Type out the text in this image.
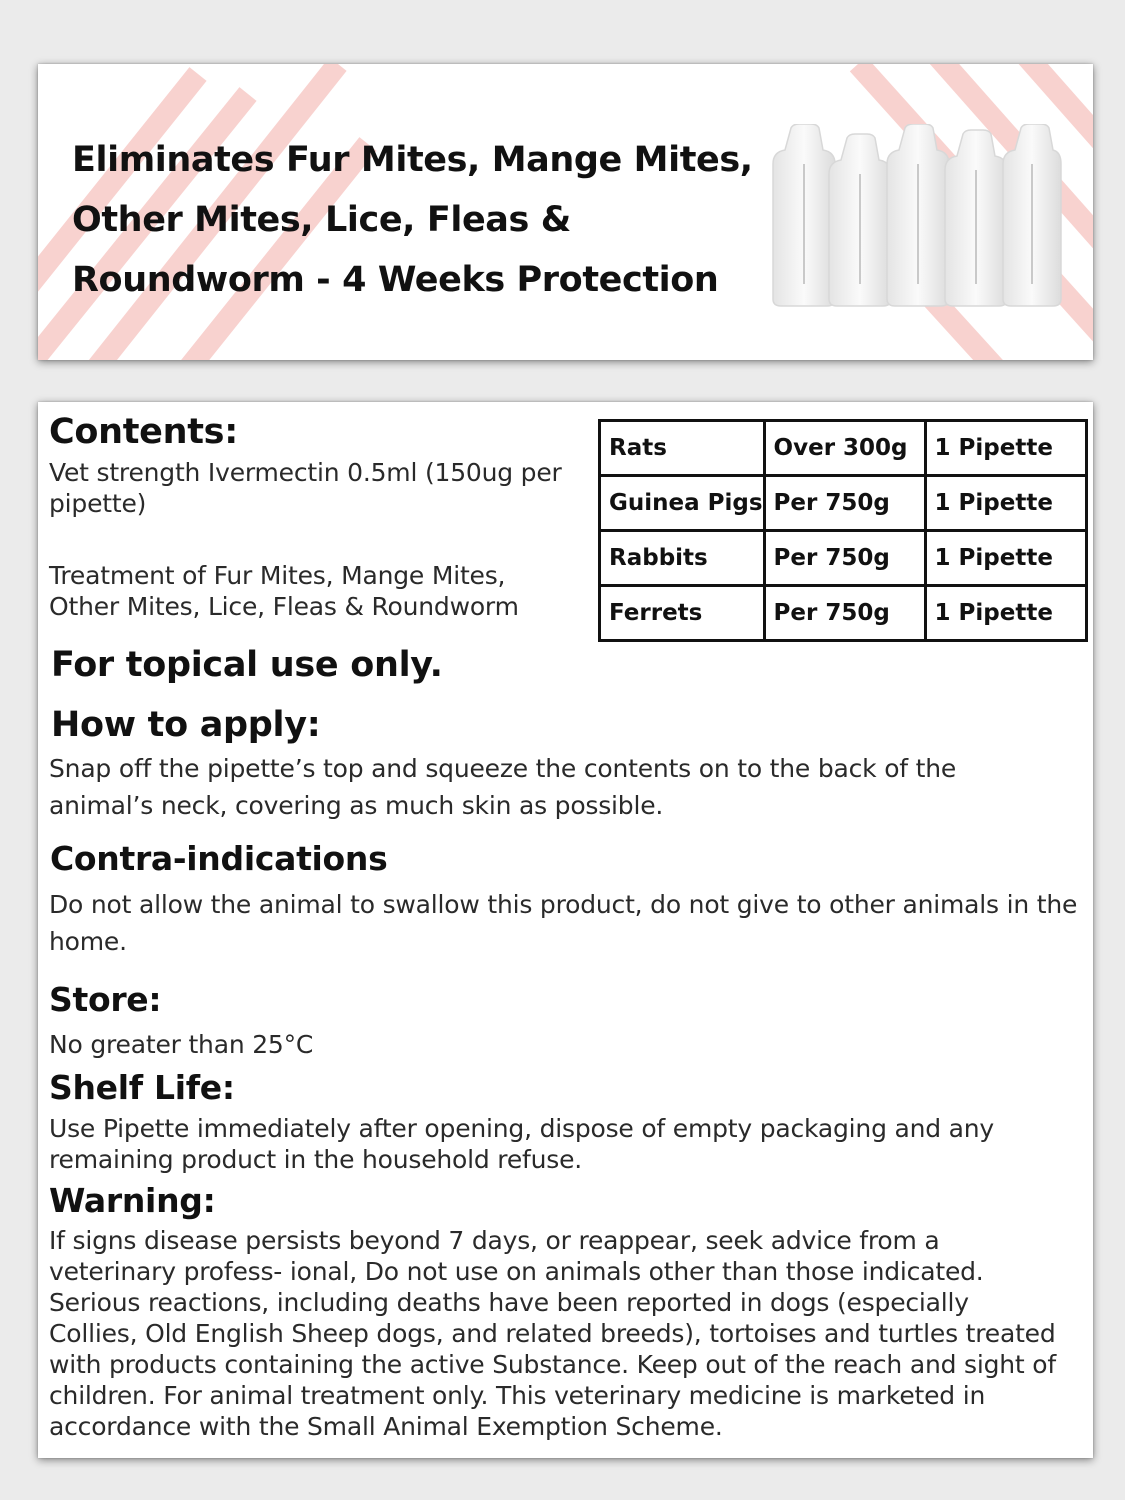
Eliminates Fur Mites, Mange Mites,
Other Mites, Lice, Fleas &
Roundworm - 4 Weeks Protection
Contents:

Vet strength Ivermectin 0.5ml (150ug per pipette)

Treatment of Fur Mites, Mange Mites, Other Mites, Lice, Fleas & Roundworm

Rats	Over 300g	1 Pipette
Guinea Pigs	Per 750g	1 Pipette
Rabbits	Per 750g	1 Pipette
Ferrets	Per 750g	1 Pipette
For topical use only.
How to apply:

Snap off the pipette’s top and squeeze the contents on to the back of the animal’s neck, covering as much skin as possible.

Contra-indications

Do not allow the animal to swallow this product, do not give to other animals in the home.

Store:

No greater than 25°C

Shelf Life:

Use Pipette immediately after opening, dispose of empty packaging and any remaining product in the household refuse.

Warning:

If signs disease persists beyond 7 days, or reappear, seek advice from a veterinary profess- ional, Do not use on animals other than those indicated. Serious reactions, including deaths have been reported in dogs (especially Collies, Old English Sheep dogs, and related breeds), tortoises and turtles treated with products containing the active Substance. Keep out of the reach and sight of children. For animal treatment only. This veterinary medicine is marketed in accordance with the Small Animal Exemption Scheme.
